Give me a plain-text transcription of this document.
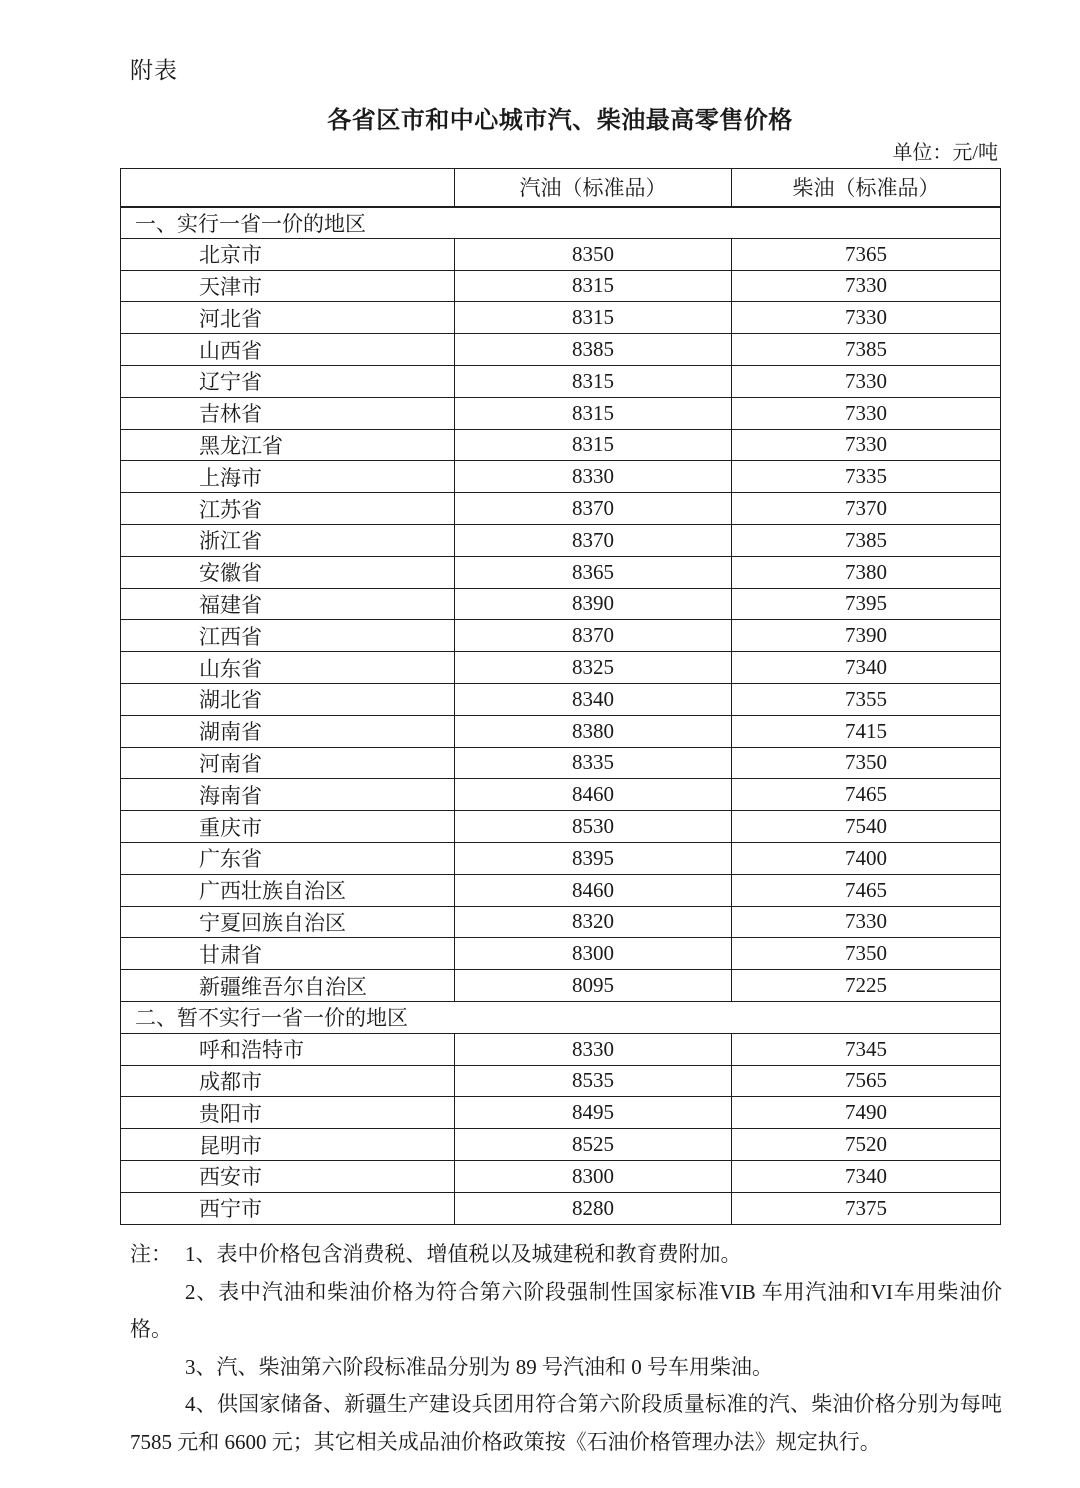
附表
各省区市和中心城市汽、柴油最高零售价格
单位：元/吨
	汽油（标准品）	柴油（标准品）
一、实行一省一价的地区		
北京市	8350	7365
天津市	8315	7330
河北省	8315	7330
山西省	8385	7385
辽宁省	8315	7330
吉林省	8315	7330
黑龙江省	8315	7330
上海市	8330	7335
江苏省	8370	7370
浙江省	8370	7385
安徽省	8365	7380
福建省	8390	7395
江西省	8370	7390
山东省	8325	7340
湖北省	8340	7355
湖南省	8380	7415
河南省	8335	7350
海南省	8460	7465
重庆市	8530	7540
广东省	8395	7400
广西壮族自治区	8460	7465
宁夏回族自治区	8320	7330
甘肃省	8300	7350
新疆维吾尔自治区	8095	7225
二、暂不实行一省一价的地区		
呼和浩特市	8330	7345
成都市	8535	7565
贵阳市	8495	7490
昆明市	8525	7520
西安市	8300	7340
西宁市	8280	7375

注： 1、表中价格包含消费税、增值税以及城建税和教育费附加。

2、表中汽油和柴油价格为符合第六阶段强制性国家标准VIB 车用汽油和VI车用柴油价格。

3、汽、柴油第六阶段标准品分别为 89 号汽油和 0 号车用柴油。

4、供国家储备、新疆生产建设兵团用符合第六阶段质量标准的汽、柴油价格分别为每吨 7585 元和 6600 元；其它相关成品油价格政策按《石油价格管理办法》规定执行。
